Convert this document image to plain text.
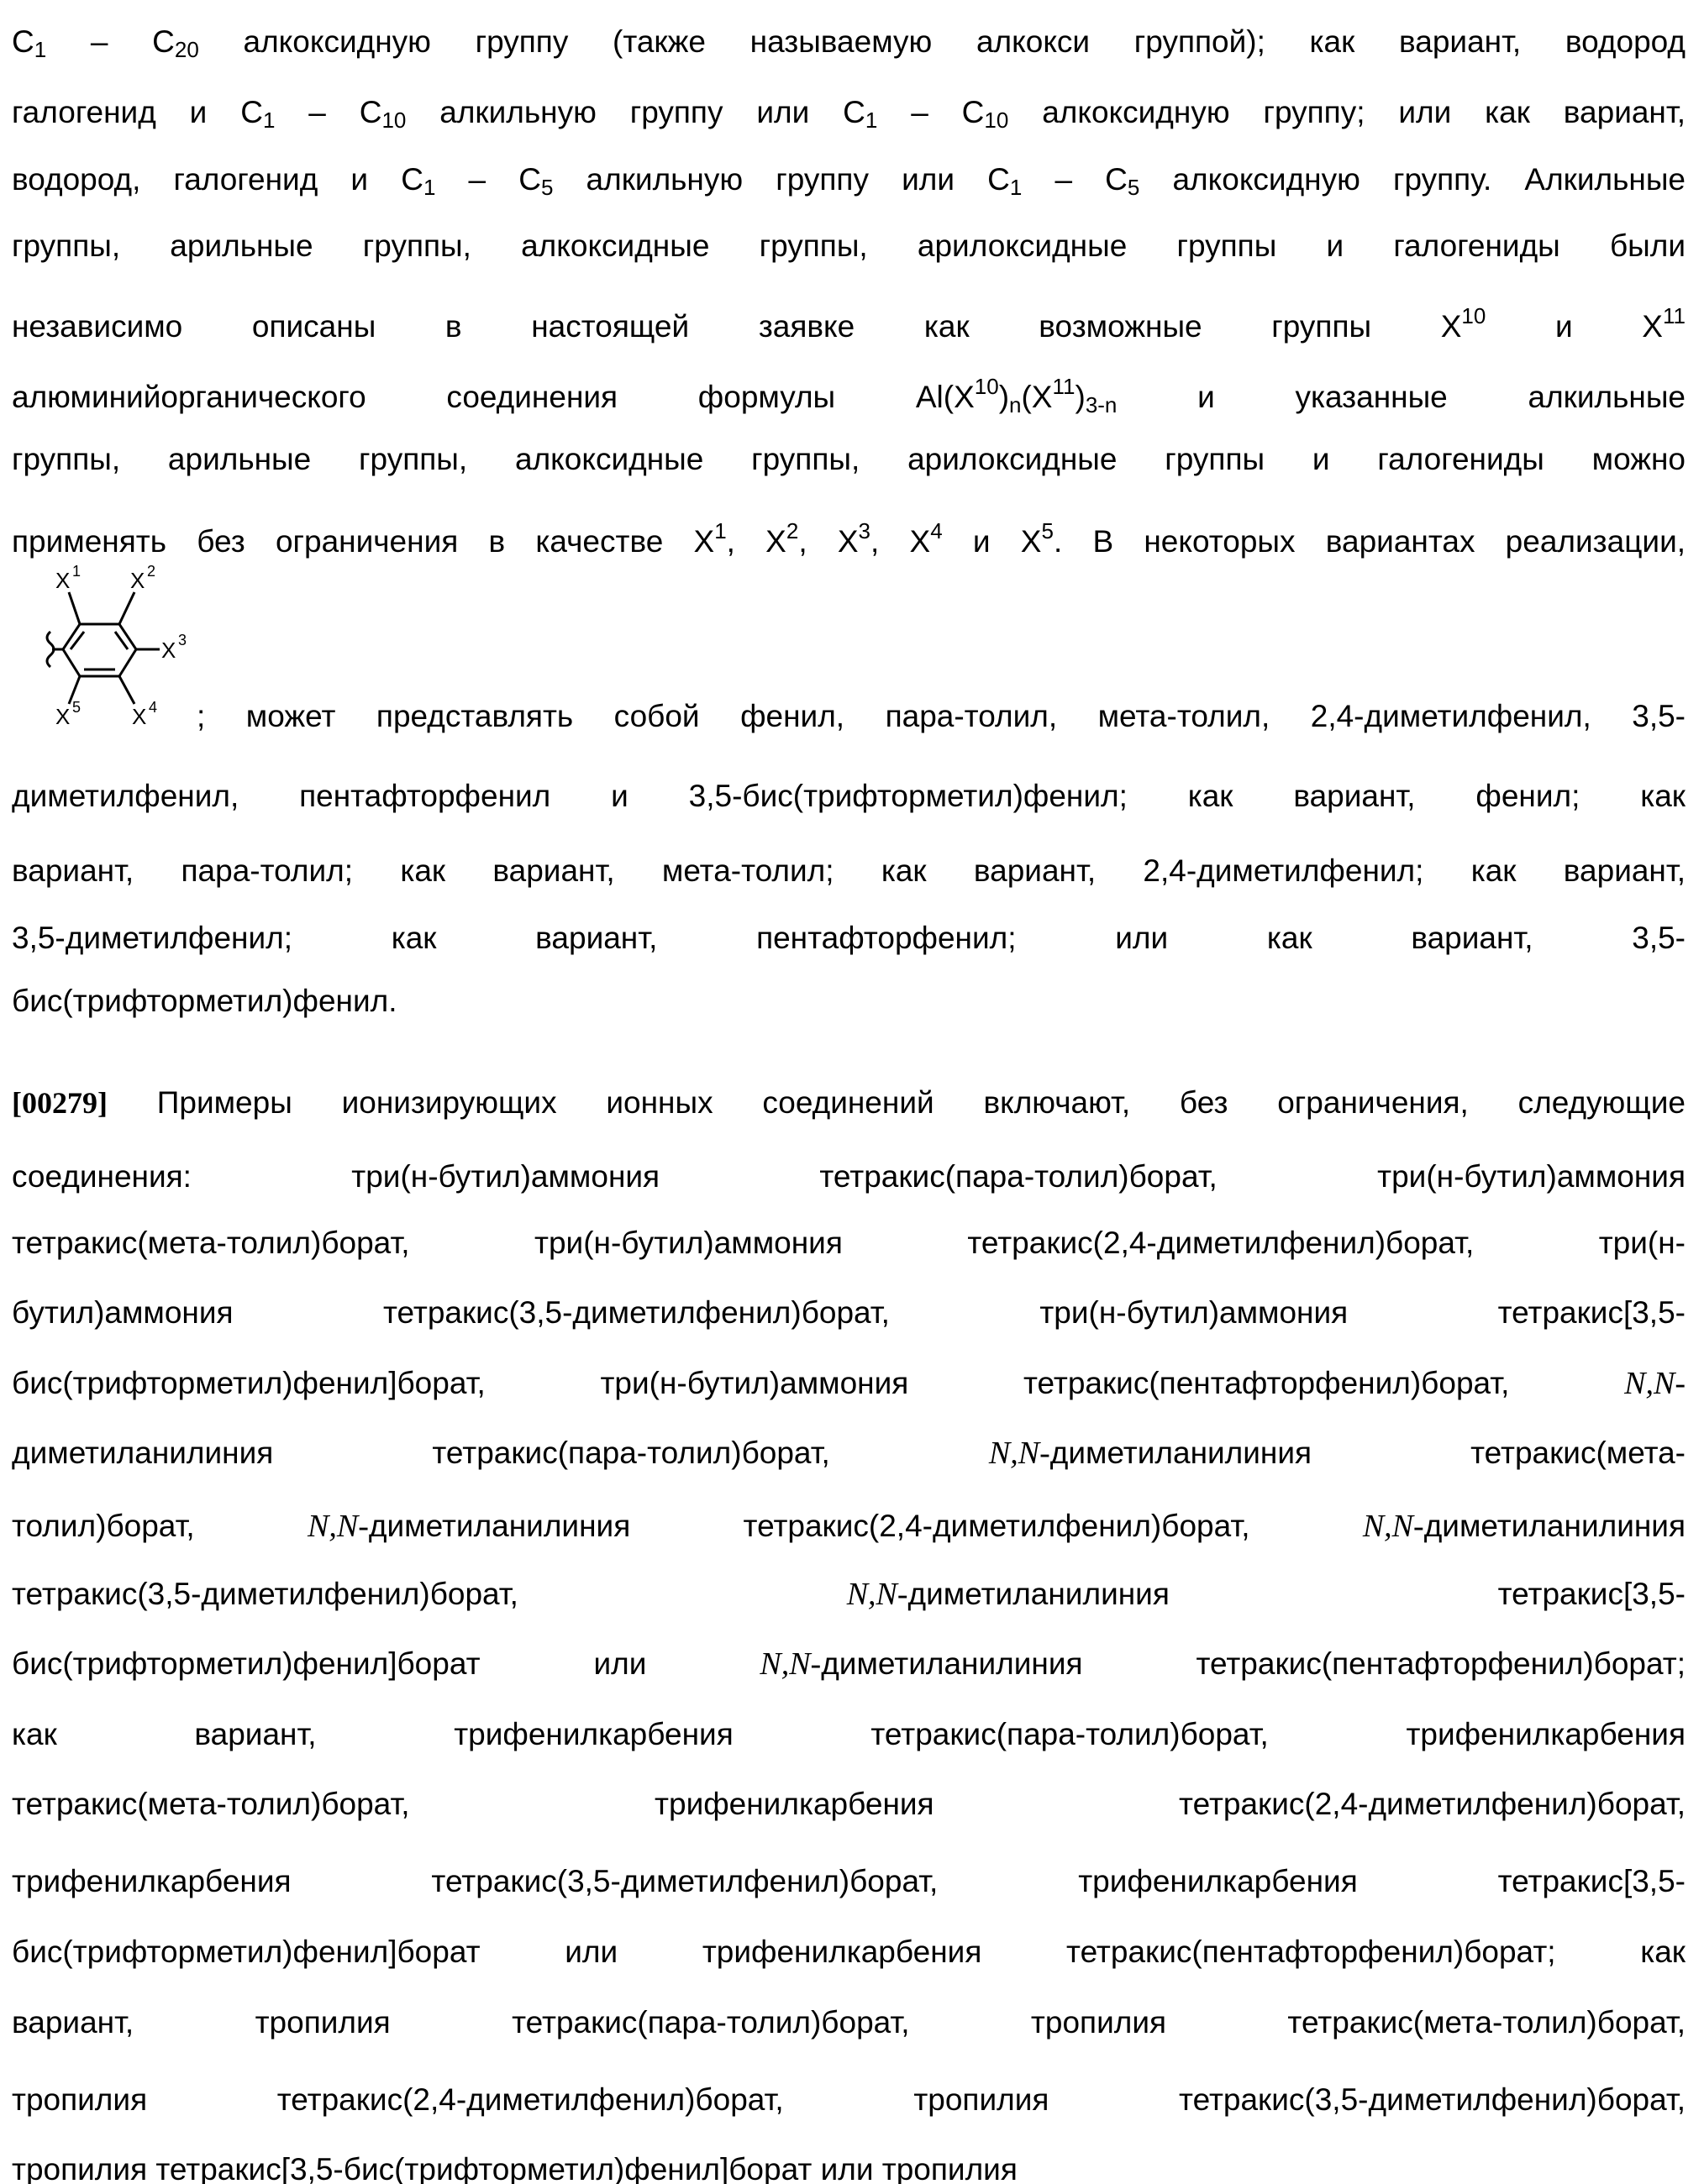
X 1 X 2
X 3
X 4
X 5
C1 – C20 алкоксидную группу (также называемую алкокси группой); как вариант, водород
галогенид и C1 – C10 алкильную группу или C1 – C10 алкоксидную группу; или как вариант,
водород, галогенид и C1 – C5 алкильную группу или C1 – C5 алкоксидную группу. Алкильные
группы, арильные группы, алкоксидные группы, арилоксидные группы и галогениды были
независимо описаны в настоящей заявке как возможные группы X10 и X11
алюминийорганического соединения формулы Al(X10)n(X11)3-n и указанные алкильные
группы, арильные группы, алкоксидные группы, арилоксидные группы и галогениды можно
применять без ограничения в качестве X1, X2, X3, X4 и X5. В некоторых вариантах реализации,
; может представлять собой фенил, пара-толил, мета-толил, 2,4-диметилфенил, 3,5-
диметилфенил, пентафторфенил и 3,5-бис(трифторметил)фенил; как вариант, фенил; как
вариант, пара-толил; как вариант, мета-толил; как вариант, 2,4-диметилфенил; как вариант,
3,5-диметилфенил; как вариант, пентафторфенил; или как вариант, 3,5-
бис(трифторметил)фенил.
[00279] Примеры ионизирующих ионных соединений включают, без ограничения, следующие
соединения: три(н-бутил)аммония тетракис(пара-толил)борат, три(н-бутил)аммония
тетракис(мета-толил)борат, три(н-бутил)аммония тетракис(2,4-диметилфенил)борат, три(н-
бутил)аммония тетракис(3,5-диметилфенил)борат, три(н-бутил)аммония тетракис[3,5-
бис(трифторметил)фенил]борат, три(н-бутил)аммония тетракис(пентафторфенил)борат, N,N-
диметиланилиния тетракис(пара-толил)борат, N,N-диметиланилиния тетракис(мета-
толил)борат, N,N-диметиланилиния тетракис(2,4-диметилфенил)борат, N,N-диметиланилиния
тетракис(3,5-диметилфенил)борат, N,N-диметиланилиния тетракис[3,5-
бис(трифторметил)фенил]борат или N,N-диметиланилиния тетракис(пентафторфенил)борат;
как вариант, трифенилкарбения тетракис(пара-толил)борат, трифенилкарбения
тетракис(мета-толил)борат, трифенилкарбения тетракис(2,4-диметилфенил)борат,
трифенилкарбения тетракис(3,5-диметилфенил)борат, трифенилкарбения тетракис[3,5-
бис(трифторметил)фенил]борат или трифенилкарбения тетракис(пентафторфенил)борат; как
вариант, тропилия тетракис(пара-толил)борат, тропилия тетракис(мета-толил)борат,
тропилия тетракис(2,4-диметилфенил)борат, тропилия тетракис(3,5-диметилфенил)борат,
тропилия тетракис[3,5-бис(трифторметил)фенил]борат или тропилия
